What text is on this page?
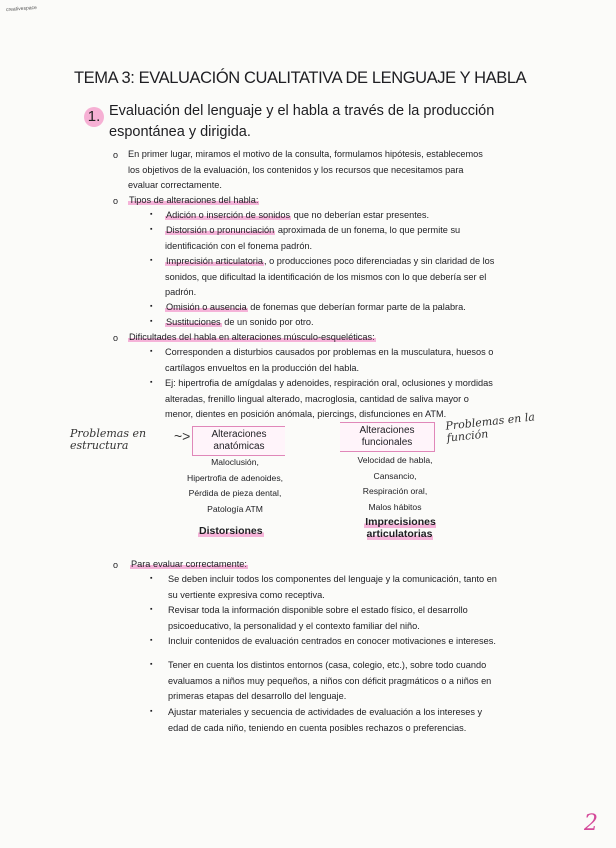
creativespace
TEMA 3: EVALUACIÓN CUALITATIVA DE LENGUAJE Y HABLA
1. Evaluación del lenguaje y el habla a través de la producción espontánea y dirigida.
o En primer lugar, miramos el motivo de la consulta, formulamos hipótesis, establecemos los objetivos de la evaluación, los contenidos y los recursos que necesitamos para evaluar correctamente.
o Tipos de alteraciones del habla:
▪ Adición o inserción de sonidos que no deberían estar presentes.
▪ Distorsión o pronunciación aproximada de un fonema, lo que permite su identificación con el fonema padrón.
▪ Imprecisión articulatoria, o producciones poco diferenciadas y sin claridad de los sonidos, que dificultad la identificación de los mismos con lo que debería ser el padrón.
▪ Omisión o ausencia de fonemas que deberían formar parte de la palabra.
▪ Sustituciones de un sonido por otro.
o Dificultades del habla en alteraciones músculo-esqueléticas:
▪ Corresponden a disturbios causados por problemas en la musculatura, huesos o cartílagos envueltos en la producción del habla.
▪ Ej: hipertrofia de amígdalas y adenoides, respiración oral, oclusiones y mordidas alteradas, frenillo lingual alterado, macroglosia, cantidad de saliva mayor o menor, dientes en posición anómala, piercings, disfunciones en ATM.
Problemas en estructura
~>	Alteraciones anatómicas
Alteraciones funcionales
Problemas en la función
Maloclusión,
Hipertrofia de adenoides,
Pérdida de pieza dental,
Patología ATM
Velocidad de habla,
Cansancio,
Respiración oral,
Malos hábitos
Distorsiones
Imprecisiones articulatorias
o Para evaluar correctamente:
▪ Se deben incluir todos los componentes del lenguaje y la comunicación, tanto en su vertiente expresiva como receptiva.
▪ Revisar toda la información disponible sobre el estado físico, el desarrollo psicoeducativo, la personalidad y el contexto familiar del niño.
▪ Incluir contenidos de evaluación centrados en conocer motivaciones e intereses.
▪ Tener en cuenta los distintos entornos (casa, colegio, etc.), sobre todo cuando evaluamos a niños muy pequeños, a niños con déficit pragmáticos o a niños en primeras etapas del desarrollo del lenguaje.
▪ Ajustar materiales y secuencia de actividades de evaluación a los intereses y edad de cada niño, teniendo en cuenta posibles rechazos o preferencias.
2
